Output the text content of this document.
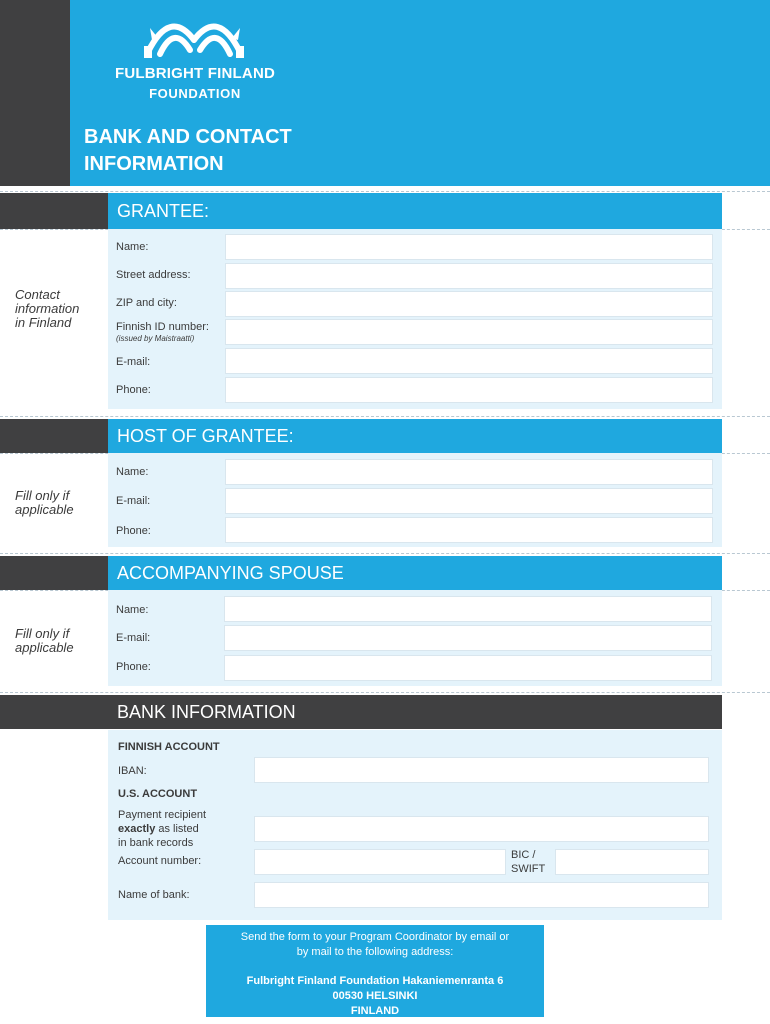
FULBRIGHT FINLAND
FOUNDATION
BANK AND CONTACT
INFORMATION
GRANTEE:
Contact
information
in Finland
Name:
Street address:
ZIP and city:
Finnish ID number:
(issued by Maistraatti)
E-mail:
Phone:
HOST OF GRANTEE:
Fill only if
applicable
Name:
E-mail:
Phone:
ACCOMPANYING SPOUSE
Fill only if
applicable
Name:
E-mail:
Phone:
BANK INFORMATION
FINNISH ACCOUNT
IBAN:
U.S. ACCOUNT
Payment recipient
exactly as listed
in bank records
Account number:	BIC /
SWIFT
Name of bank:
Send the form to your Program Coordinator by email or
by mail to the following address:
Fulbright Finland Foundation Hakaniemenranta 6
00530 HELSINKI
FINLAND
